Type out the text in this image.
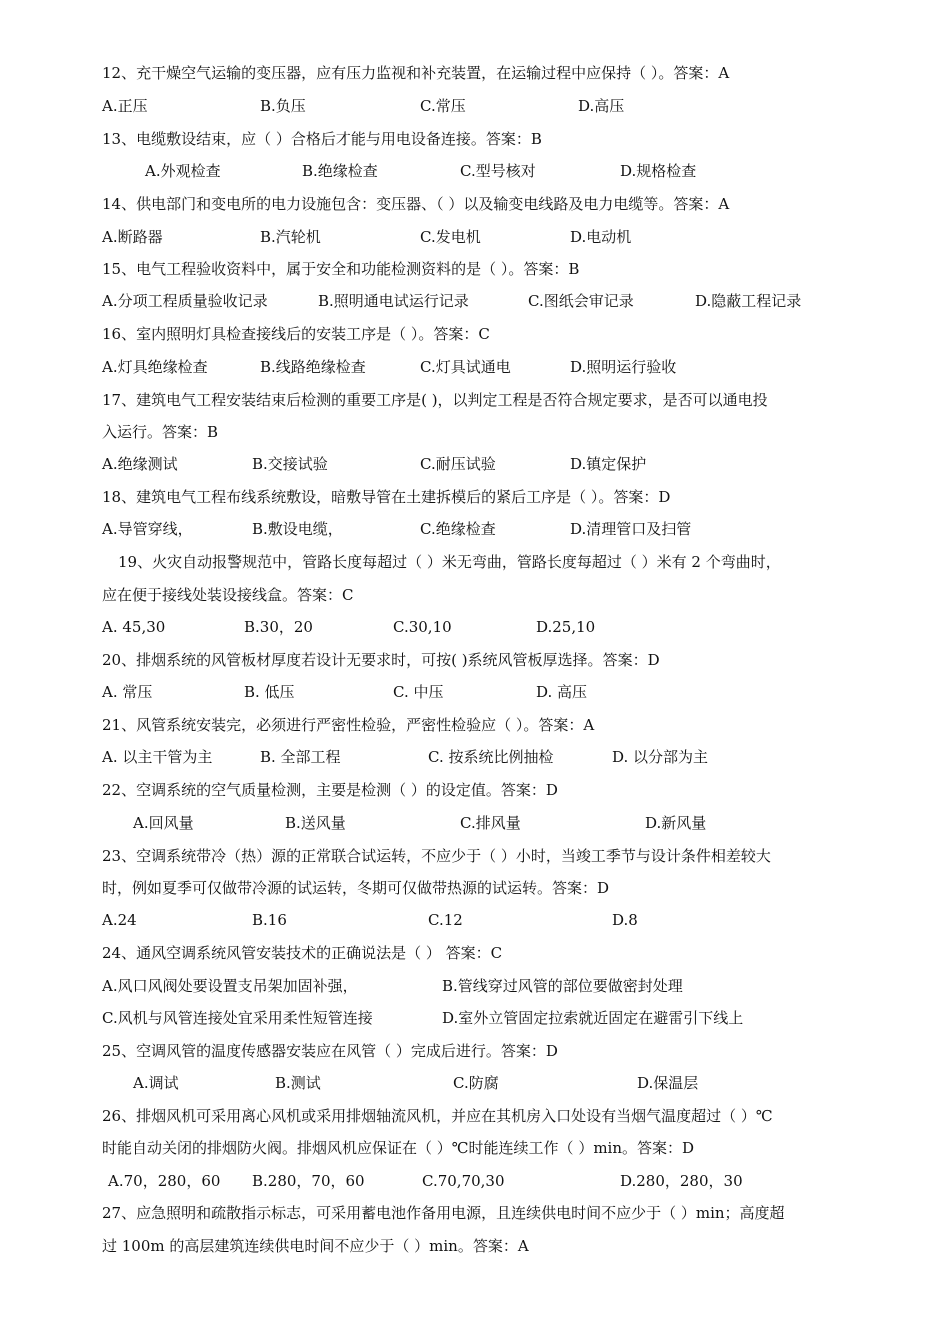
12、充干燥空气运输的变压器，应有压力监视和补充装置，在运输过程中应保持（ ）。答案：A
A.正压	B.负压	C.常压	D.高压
13、电缆敷设结束，应（ ）合格后才能与用电设备连接。答案：B
A.外观检查	B.绝缘检查	C.型号核对	D.规格检查
14、供电部门和变电所的电力设施包含：变压器、（ ）以及输变电线路及电力电缆等。答案：A
A.断路器	B.汽轮机	C.发电机	D.电动机
15、电气工程验收资料中，属于安全和功能检测资料的是（ ）。答案：B
A.分项工程质量验收记录	B.照明通电试运行记录	C.图纸会审记录	D.隐蔽工程记录
16、室内照明灯具检查接线后的安装工序是（ ）。答案：C
A.灯具绝缘检查	B.线路绝缘检查	C.灯具试通电	D.照明运行验收
17、建筑电气工程安装结束后检测的重要工序是( )，以判定工程是否符合规定要求，是否可以通电投
入运行。答案：B
A.绝缘测试	B.交接试验	C.耐压试验	D.镇定保护
18、建筑电气工程布线系统敷设，暗敷导管在土建拆模后的紧后工序是（ ）。答案：D
A.导管穿线，	B.敷设电缆，	C.绝缘检查	D.清理管口及扫管
19、火灾自动报警规范中，管路长度每超过（ ）米无弯曲，管路长度每超过（ ）米有 2 个弯曲时，
应在便于接线处装设接线盒。答案：C
A. 45,30	B.30，20	C.30,10	D.25,10
20、排烟系统的风管板材厚度若设计无要求时，可按( )系统风管板厚选择。答案：D
A. 常压	B. 低压	C. 中压	D. 高压
21、风管系统安装完，必须进行严密性检验，严密性检验应（ ）。答案：A
A. 以主干管为主	B. 全部工程	C. 按系统比例抽检	D. 以分部为主
22、空调系统的空气质量检测，主要是检测（ ）的设定值。答案：D
A.回风量	B.送风量	C.排风量	D.新风量
23、空调系统带冷（热）源的正常联合试运转，不应少于（ ）小时，当竣工季节与设计条件相差较大
时，例如夏季可仅做带冷源的试运转，冬期可仅做带热源的试运转。答案：D
A.24	B.16	C.12	D.8
24、通风空调系统风管安装技术的正确说法是（ ） 答案：C
A.风口风阀处要设置支吊架加固补强，	B.管线穿过风管的部位要做密封处理
C.风机与风管连接处宜采用柔性短管连接	D.室外立管固定拉索就近固定在避雷引下线上
25、空调风管的温度传感器安装应在风管（ ）完成后进行。答案：D
A.调试	B.测试	C.防腐	D.保温层
26、排烟风机可采用离心风机或采用排烟轴流风机，并应在其机房入口处设有当烟气温度超过（ ）℃
时能自动关闭的排烟防火阀。排烟风机应保证在（ ）℃时能连续工作（ ）min。答案：D
A.70，280，60 B.280，70，60	C.70,70,30	D.280，280，30
27、应急照明和疏散指示标志，可采用蓄电池作备用电源，且连续供电时间不应少于（ ）min；高度超
过 100m 的高层建筑连续供电时间不应少于（ ）min。答案：A
